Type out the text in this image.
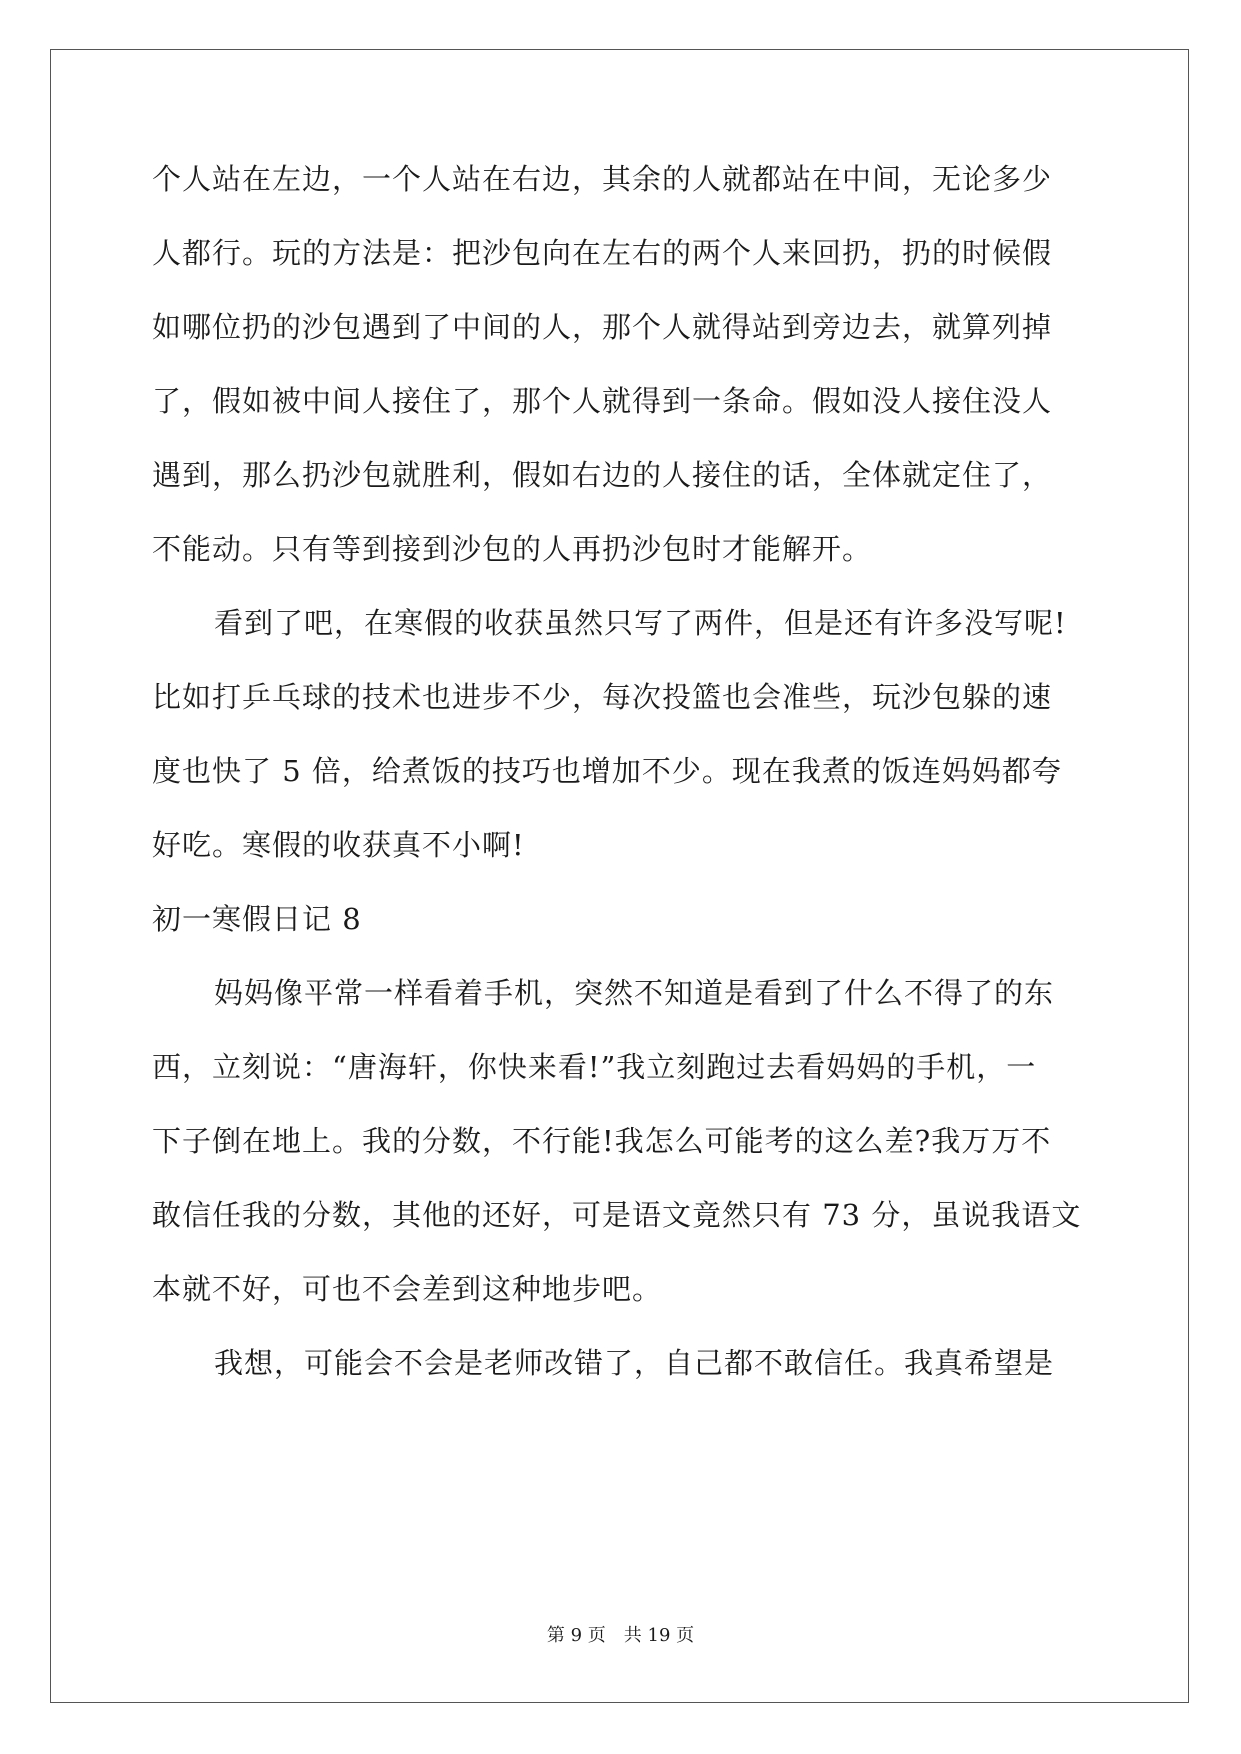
个人站在左边，一个人站在右边，其余的人就都站在中间，无论多少
人都行。玩的方法是：把沙包向在左右的两个人来回扔，扔的时候假
如哪位扔的沙包遇到了中间的人，那个人就得站到旁边去，就算列掉
了，假如被中间人接住了，那个人就得到一条命。假如没人接住没人
遇到，那么扔沙包就胜利，假如右边的人接住的话，全体就定住了，
不能动。只有等到接到沙包的人再扔沙包时才能解开。
看到了吧，在寒假的收获虽然只写了两件，但是还有许多没写呢!
比如打乒乓球的技术也进步不少，每次投篮也会准些，玩沙包躲的速
度也快了 5 倍，给煮饭的技巧也增加不少。现在我煮的饭连妈妈都夸
好吃。寒假的收获真不小啊!
初一寒假日记 8
妈妈像平常一样看着手机，突然不知道是看到了什么不得了的东
西，立刻说：“唐海轩，你快来看!”我立刻跑过去看妈妈的手机，一
下子倒在地上。我的分数，不行能!我怎么可能考的这么差?我万万不
敢信任我的分数，其他的还好，可是语文竟然只有 73 分，虽说我语文
本就不好，可也不会差到这种地步吧。
我想，可能会不会是老师改错了，自己都不敢信任。我真希望是
第 9 页　共 19 页
